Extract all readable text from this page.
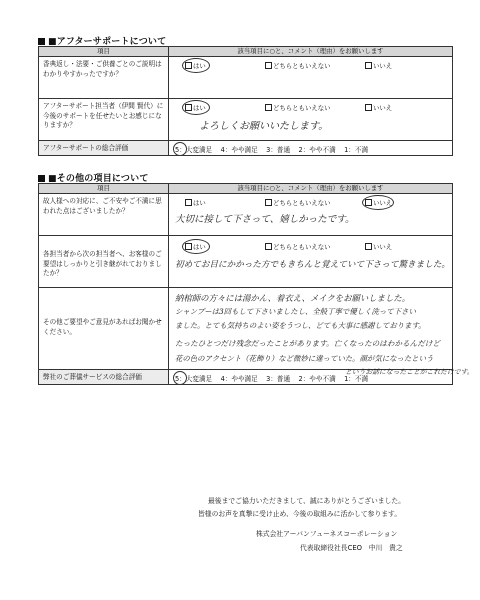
■アフターサポートについて
項目	該当項目に○と、コメント（理由）をお願いします
香典返し・法要・ご供養ごとのご説明はわかりやすかったですか？	はい どちらともいえない いいえ

アフターサポート担当者（伊間 賢代）に今後のサポートを任せたいとお感じになりますか？	はい どちらともいえない いいえ
よろしくお願いいたします。

アフターサポートの総合評価	5：大変満足 4：やや満足 3：普通 2：やや不満 1：不満
■その他の項目について
項目	該当項目に○と、コメント（理由）をお願いします
故人様への対応に、ご不安やご不満に思われた点はございましたか？	はい どちらともいえない いいえ
大切に接して下さって、嬉しかったです。

各担当者から次の担当者へ、お客様のご要望はしっかりと引き継がれておりましたか？	はい どちらともいえない いいえ
初めてお目にかかった方でもきちんと覚えていて下さって驚きました。

その他ご要望やご意見があればお聞かせください。	納棺師の方々には湯かん、着衣え、メイクをお願いしました。
シャンプーは3回もして下さいましたし、全般丁寧で優しく洗って下さい
ました。とても気持ちのよい姿をうつし、どても大事に感謝しております。
たったひとつだけ残念だったことがあります。亡くなったのはわかるんだけど
花の色のアクセント（花飾り）など微妙に違っていた。顔が気になったという

弊社のご葬儀サービスの総合評価	5：大変満足 4：やや満足 3：普通 2：やや不満 1：不満
というお話になったことがこれだけです。
最後までご協力いただきまして、誠にありがとうございました。
皆様のお声を真摯に受け止め、今後の取組みに活かして参ります。
株式会社アーバンフューネスコーポレーション
代表取締役社長CEO　中川　貴之
